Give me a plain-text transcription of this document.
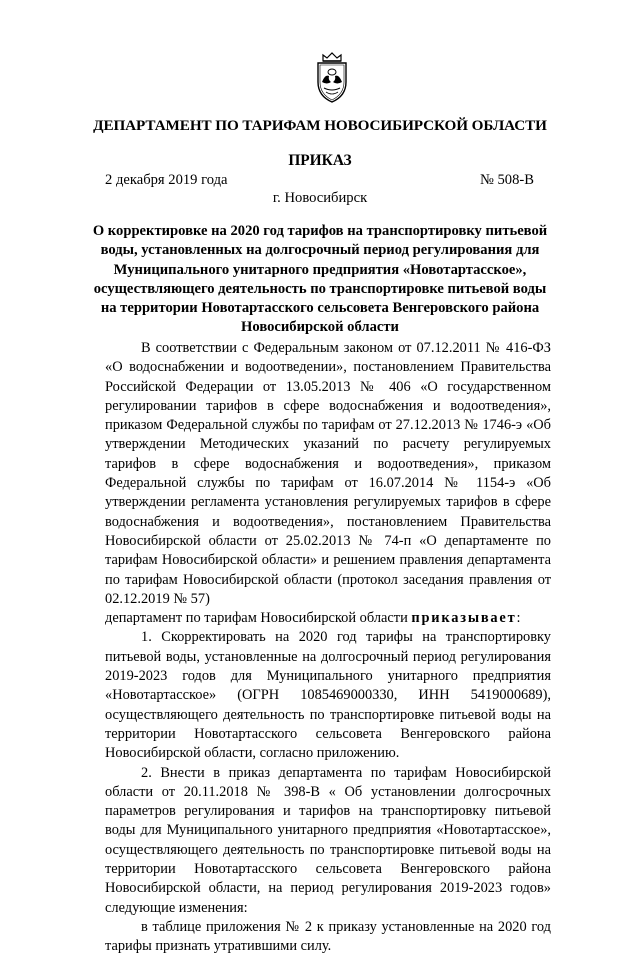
ДЕПАРТАМЕНТ ПО ТАРИФАМ НОВОСИБИРСКОЙ ОБЛАСТИ
ПРИКАЗ
2 декабря 2019 года	№ 508-В
г. Новосибирск
О корректировке на 2020 год тарифов на транспортировку питьевой воды, установленных на долгосрочный период регулирования для Муниципального унитарного предприятия «Новотартасское», осуществляющего деятельность по транспортировке питьевой воды на территории Новотартасского сельсовета Венгеровского района Новосибирской области

В соответствии с Федеральным законом от 07.12.2011 № 416-ФЗ «О водоснабжении и водоотведении», постановлением Правительства Российской Федерации от 13.05.2013 № 406 «О государственном регулировании тарифов в сфере водоснабжения и водоотведения», приказом Федеральной службы по тарифам от 27.12.2013 № 1746-э «Об утверждении Методических указаний по расчету регулируемых тарифов в сфере водоснабжения и водоотведения», приказом Федеральной службы по тарифам от 16.07.2014 № 1154-э «Об утверждении регламента установления регулируемых тарифов в сфере водоснабжения и водоотведения», постановлением Правительства Новосибирской области от 25.02.2013 № 74-п «О департаменте по тарифам Новосибирской области» и решением правления департамента по тарифам Новосибирской области (протокол заседания правления от 02.12.2019 № 57)

департамент по тарифам Новосибирской области приказывает:

1. Скорректировать на 2020 год тарифы на транспортировку питьевой воды, установленные на долгосрочный период регулирования 2019-2023 годов для Муниципального унитарного предприятия «Новотартасское» (ОГРН 1085469000330, ИНН 5419000689), осуществляющего деятельность по транспортировке питьевой воды на территории Новотартасского сельсовета Венгеровского района Новосибирской области, согласно приложению.

2. Внести в приказ департамента по тарифам Новосибирской области от 20.11.2018 № 398-В « Об установлении долгосрочных параметров регулирования и тарифов на транспортировку питьевой воды для Муниципального унитарного предприятия «Новотартасское», осуществляющего деятельность по транспортировке питьевой воды на территории Новотартасского сельсовета Венгеровского района Новосибирской области, на период регулирования 2019-2023 годов» следующие изменения:

в таблице приложения № 2 к приказу установленные на 2020 год тарифы признать утратившими силу.
